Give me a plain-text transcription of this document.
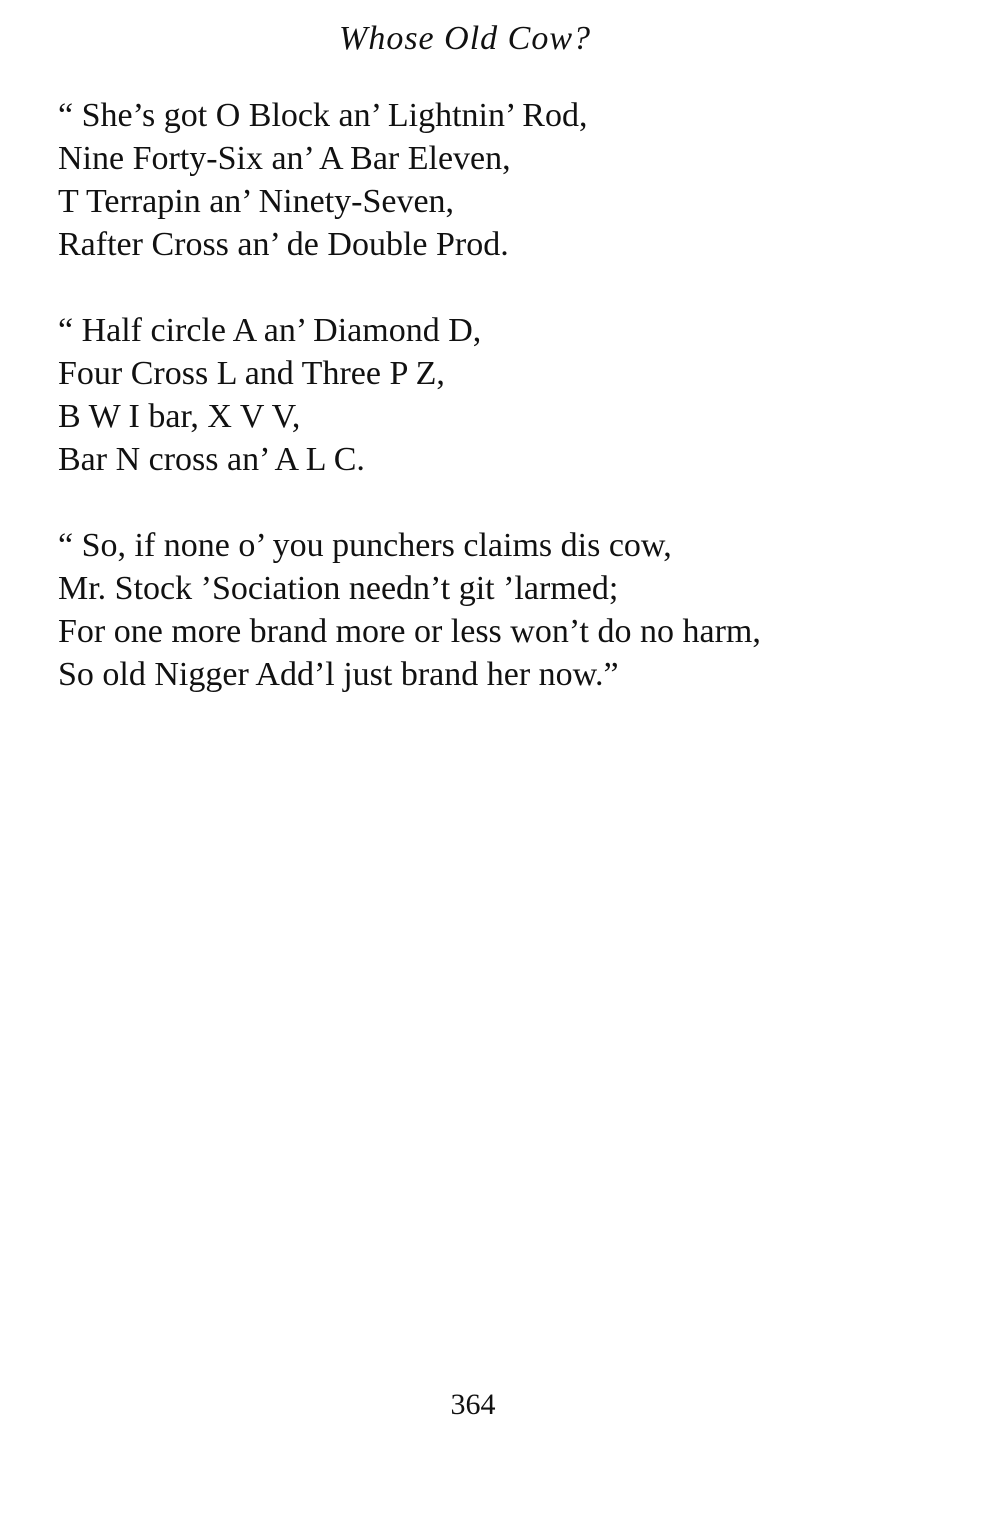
Whose Old Cow?
“ She’s got O Block an’ Lightnin’ Rod,
Nine Forty-Six an’ A Bar Eleven,
T Terrapin an’ Ninety-Seven,
Rafter Cross an’ de Double Prod.
“ Half circle A an’ Diamond D,
Four Cross L and Three P Z,
B W I bar, X V V,
Bar N cross an’ A L C.
“ So, if none o’ you punchers claims dis cow,
Mr. Stock ’Sociation needn’t git ’larmed;
For one more brand more or less won’t do no harm,
So old Nigger Add’l just brand her now.”
364
